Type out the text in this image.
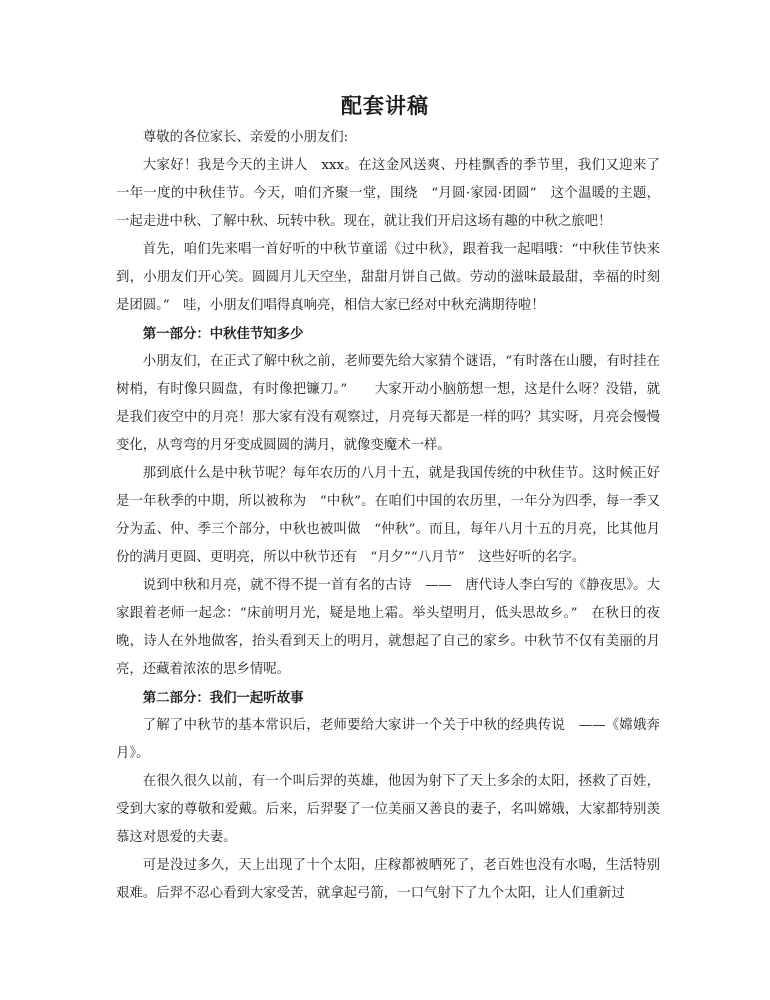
配套讲稿

尊敬的各位家长、亲爱的小朋友们:

大家好！我是今天的主讲人　xxx。在这金风送爽、丹桂飘香的季节里，我们又迎来了一年一度的中秋佳节。今天，咱们齐聚一堂，围绕　“月圆·家园·团圆”　这个温暖的主题，一起走进中秋、了解中秋、玩转中秋。现在，就让我们开启这场有趣的中秋之旅吧！

首先，咱们先来唱一首好听的中秋节童谣《过中秋》，跟着我一起唱哦：“中秋佳节快来到，小朋友们开心笑。圆圆月儿天空坐，甜甜月饼自己做。劳动的滋味最最甜，幸福的时刻是团圆。”　哇，小朋友们唱得真响亮，相信大家已经对中秋充满期待啦！

第一部分：中秋佳节知多少

小朋友们，在正式了解中秋之前，老师要先给大家猜个谜语，“有时落在山腰，有时挂在树梢，有时像只圆盘，有时像把镰刀。”　　大家开动小脑筋想一想，这是什么呀？没错，就是我们夜空中的月亮！那大家有没有观察过，月亮每天都是一样的吗？其实呀，月亮会慢慢变化，从弯弯的月牙变成圆圆的满月，就像变魔术一样。

那到底什么是中秋节呢？每年农历的八月十五，就是我国传统的中秋佳节。这时候正好是一年秋季的中期，所以被称为　“中秋”。在咱们中国的农历里，一年分为四季，每一季又分为孟、仲、季三个部分，中秋也被叫做　“仲秋”。而且，每年八月十五的月亮，比其他月份的满月更圆、更明亮，所以中秋节还有　“月夕”“八月节”　这些好听的名字。

说到中秋和月亮，就不得不提一首有名的古诗　——　唐代诗人李白写的《静夜思》。大家跟着老师一起念：“床前明月光，疑是地上霜。举头望明月，低头思故乡。”　在秋日的夜晚，诗人在外地做客，抬头看到天上的明月，就想起了自己的家乡。中秋节不仅有美丽的月亮，还藏着浓浓的思乡情呢。

第二部分：我们一起听故事

了解了中秋节的基本常识后，老师要给大家讲一个关于中秋的经典传说　——《嫦娥奔月》。

在很久很久以前，有一个叫后羿的英雄，他因为射下了天上多余的太阳，拯救了百姓，受到大家的尊敬和爱戴。后来，后羿娶了一位美丽又善良的妻子，名叫嫦娥，大家都特别羡慕这对恩爱的夫妻。

可是没过多久，天上出现了十个太阳，庄稼都被晒死了，老百姓也没有水喝，生活特别艰难。后羿不忍心看到大家受苦，就拿起弓箭，一口气射下了九个太阳，让人们重新过
